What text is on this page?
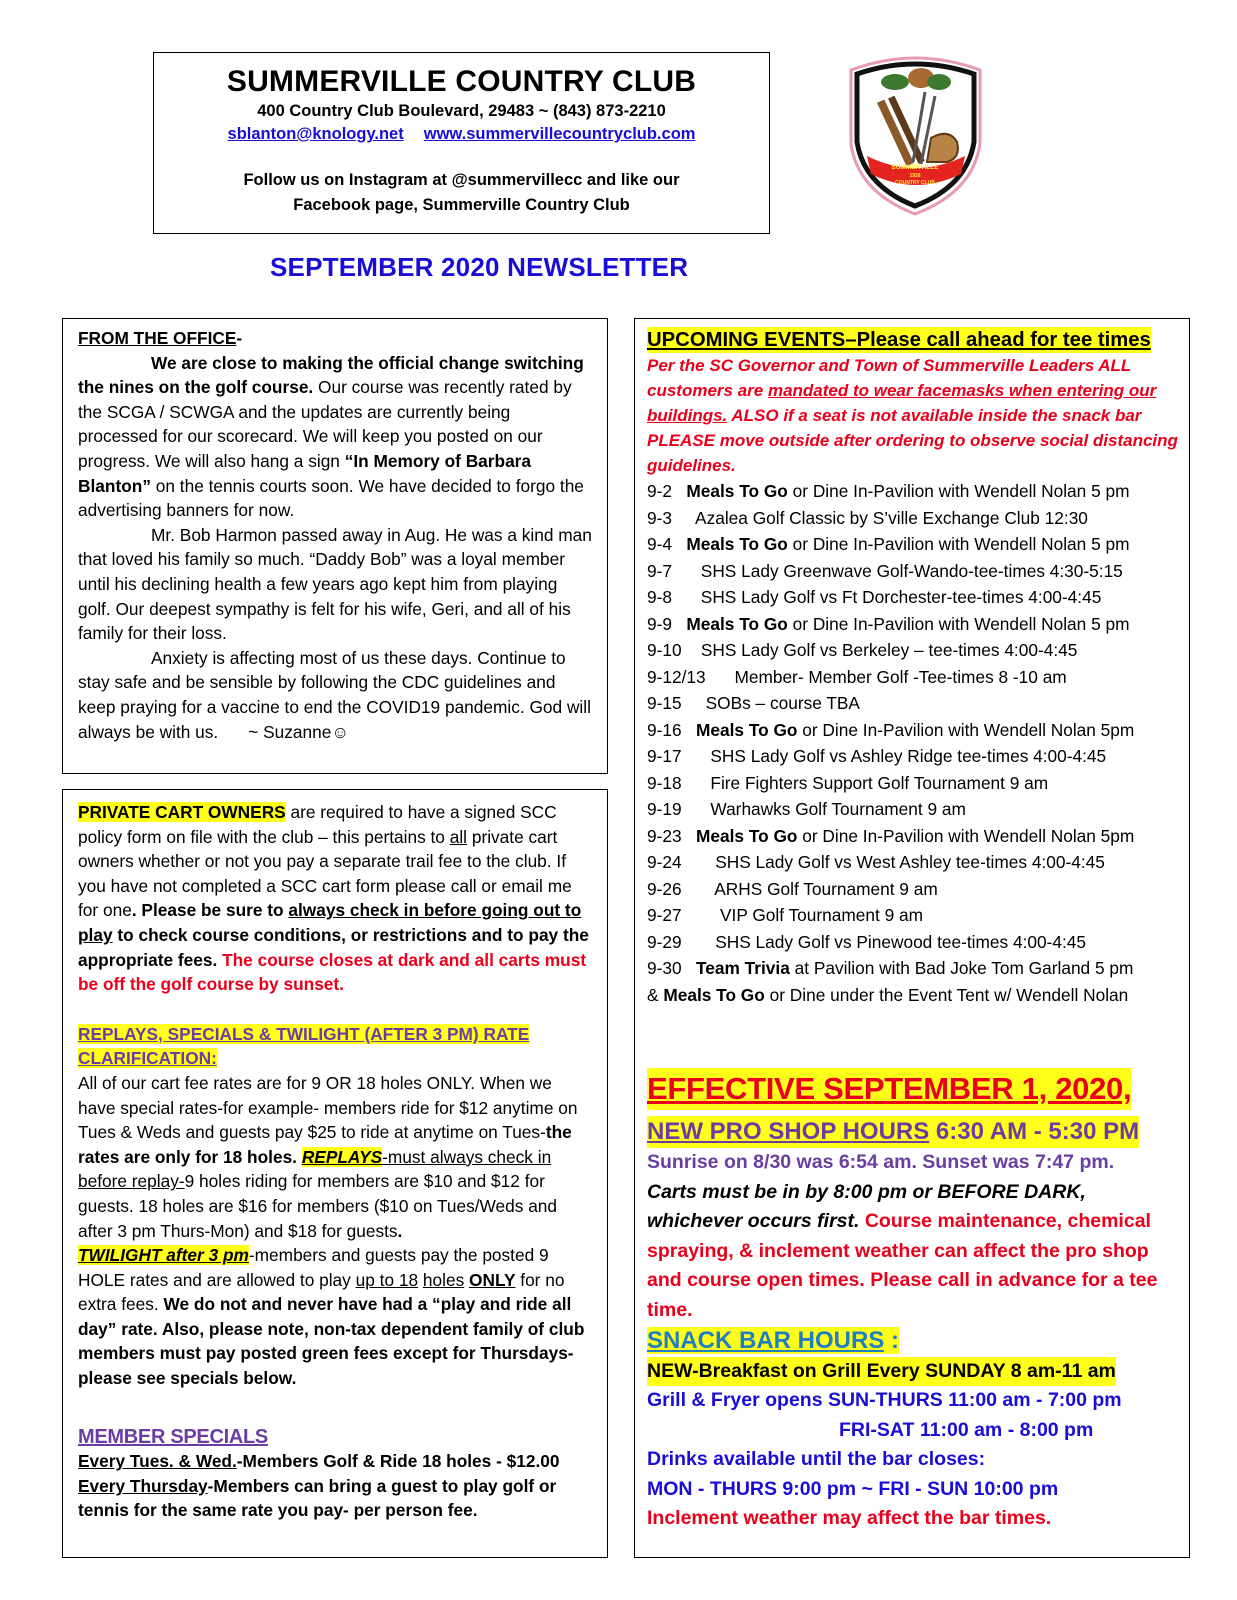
SUMMERVILLE COUNTRY CLUB
400 Country Club Boulevard, 29483 ~ (843) 873-2210
sblanton@knology.net www.summervillecountryclub.com
Follow us on Instagram at @summervillecc and like our
Facebook page, Summerville Country Club
SUMMERVILLE
1926
COUNTRY CLUB
SEPTEMBER 2020 NEWSLETTER

FROM THE OFFICE-

We are close to making the official change switching the nines on the golf course. Our course was recently rated by the SCGA / SCWGA and the updates are currently being processed for our scorecard. We will keep you posted on our progress. We will also hang a sign “In Memory of Barbara Blanton” on the tennis courts soon. We have decided to forgo the advertising banners for now.

Mr. Bob Harmon passed away in Aug. He was a kind man that loved his family so much. “Daddy Bob” was a loyal member until his declining health a few years ago kept him from playing golf. Our deepest sympathy is felt for his wife, Geri, and all of his family for their loss.

Anxiety is affecting most of us these days. Continue to stay safe and be sensible by following the CDC guidelines and keep praying for a vaccine to end the COVID19 pandemic. God will always be with us. ~ Suzanne☺

PRIVATE CART OWNERS are required to have a signed SCC policy form on file with the club – this pertains to all private cart owners whether or not you pay a separate trail fee to the club. If you have not completed a SCC cart form please call or email me for one. Please be sure to always check in before going out to play to check course conditions, or restrictions and to pay the appropriate fees. The course closes at dark and all carts must be off the golf course by sunset.

REPLAYS, SPECIALS & TWILIGHT (AFTER 3 PM) RATE CLARIFICATION:

All of our cart fee rates are for 9 OR 18 holes ONLY. When we have special rates-for example- members ride for $12 anytime on Tues & Weds and guests pay $25 to ride at anytime on Tues-the rates are only for 18 holes. REPLAYS-must always check in before replay-9 holes riding for members are $10 and $12 for guests. 18 holes are $16 for members ($10 on Tues/Weds and after 3 pm Thurs-Mon) and $18 for guests.
TWILIGHT after 3 pm-members and guests pay the posted 9 HOLE rates and are allowed to play up to 18 holes ONLY for no extra fees. We do not and never have had a “play and ride all day” rate. Also, please note, non-tax dependent family of club members must pay posted green fees except for Thursdays-please see specials below.

MEMBER SPECIALS

Every Tues. & Wed.-Members Golf & Ride 18 holes - $12.00

Every Thursday-Members can bring a guest to play golf or tennis for the same rate you pay- per person fee.

UPCOMING EVENTS–Please call ahead for tee times

Per the SC Governor and Town of Summerville Leaders ALL customers are mandated to wear facemasks when entering our buildings. ALSO if a seat is not available inside the snack bar PLEASE move outside after ordering to observe social distancing guidelines.

9-2 Meals To Go or Dine In-Pavilion with Wendell Nolan 5 pm
9-3 Azalea Golf Classic by S’ville Exchange Club 12:30
9-4 Meals To Go or Dine In-Pavilion with Wendell Nolan 5 pm
9-7 SHS Lady Greenwave Golf-Wando-tee-times 4:30-5:15
9-8 SHS Lady Golf vs Ft Dorchester-tee-times 4:00-4:45
9-9 Meals To Go or Dine In-Pavilion with Wendell Nolan 5 pm
9-10 SHS Lady Golf vs Berkeley – tee-times 4:00-4:45
9-12/13 Member- Member Golf -Tee-times 8 -10 am
9-15 SOBs – course TBA
9-16 Meals To Go or Dine In-Pavilion with Wendell Nolan 5pm
9-17 SHS Lady Golf vs Ashley Ridge tee-times 4:00-4:45
9-18 Fire Fighters Support Golf Tournament 9 am
9-19 Warhawks Golf Tournament 9 am
9-23 Meals To Go or Dine In-Pavilion with Wendell Nolan 5pm
9-24 SHS Lady Golf vs West Ashley tee-times 4:00-4:45
9-26 ARHS Golf Tournament 9 am
9-27 VIP Golf Tournament 9 am
9-29 SHS Lady Golf vs Pinewood tee-times 4:00-4:45
9-30 Team Trivia at Pavilion with Bad Joke Tom Garland 5 pm
& Meals To Go or Dine under the Event Tent w/ Wendell Nolan
EFFECTIVE SEPTEMBER 1, 2020,
NEW PRO SHOP HOURS 6:30 AM - 5:30 PM

Sunrise on 8/30 was 6:54 am. Sunset was 7:47 pm.

Carts must be in by 8:00 pm or BEFORE DARK, whichever occurs first. Course maintenance, chemical spraying, & inclement weather can affect the pro shop and course open times. Please call in advance for a tee time.

SNACK BAR HOURS :
NEW-Breakfast on Grill Every SUNDAY 8 am-11 am

Grill & Fryer opens SUN-THURS 11:00 am - 7:00 pm

FRI-SAT 11:00 am - 8:00 pm

Drinks available until the bar closes:

MON - THURS 9:00 pm ~ FRI - SUN 10:00 pm

Inclement weather may affect the bar times.
